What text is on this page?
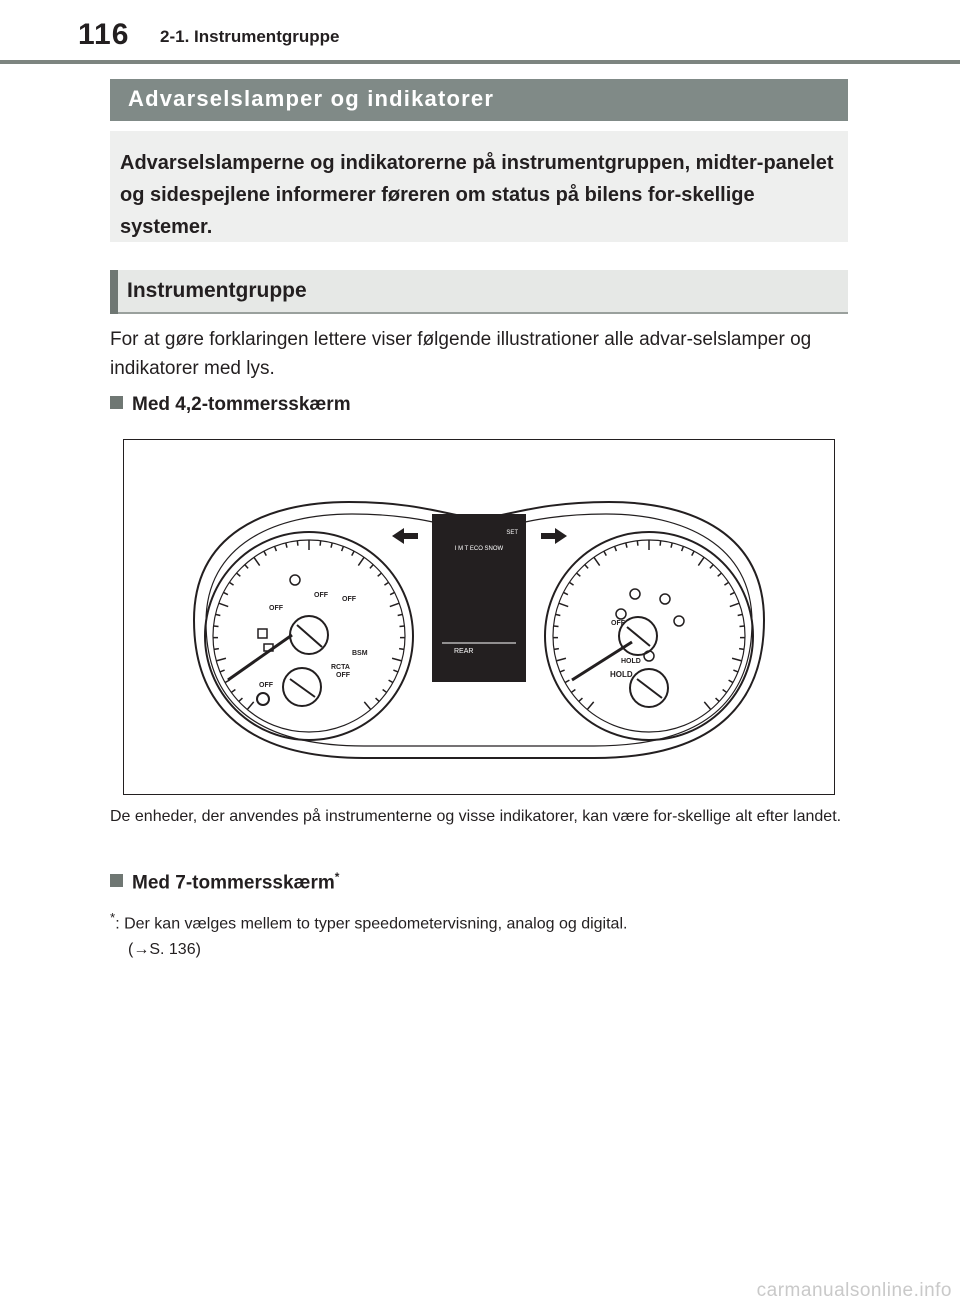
116 2-1. Instrumentgruppe
Advarselslamper og indikatorer

Advarselslamperne og indikatorerne på instrumentgruppen, midter-panelet og sidespejlene informerer føreren om status på bilens for-skellige systemer.

Instrumentgruppe

For at gøre forklaringen lettere viser følgende illustrationer alle advar-selslamper og indikatorer med lys.

Med 4,2-tommersskærm
I M T ECO SNOW
SET
REAR
OFF
OFF
OFF
BSM
RCTA
OFF
OFF
OFF
HOLD
HOLD

De enheder, der anvendes på instrumenterne og visse indikatorer, kan være for-skellige alt efter landet.

Med 7-tommersskærm*
*: Der kan vælges mellem to typer speedometervisning, analog og digital.
(→S. 136)
carmanualsonline.info
